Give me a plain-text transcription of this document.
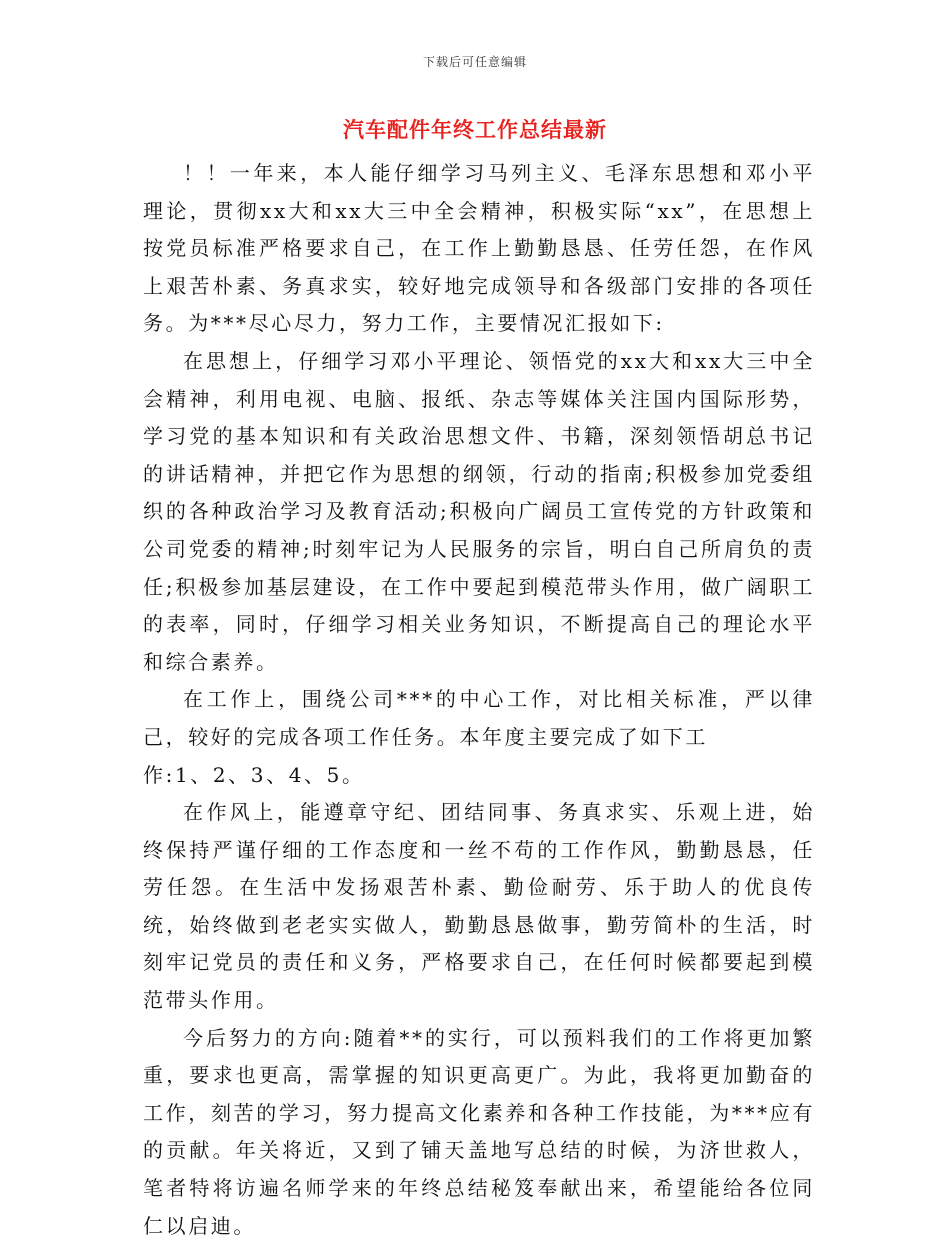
下载后可任意编辑
汽车配件年终工作总结最新

！！一年来，本人能仔细学习马列主义、毛泽东思想和邓小平理论，贯彻xx大和xx大三中全会精神，积极实际“xx”，在思想上按党员标准严格要求自己，在工作上勤勤恳恳、任劳任怨，在作风上艰苦朴素、务真求实，较好地完成领导和各级部门安排的各项任务。为***尽心尽力，努力工作，主要情况汇报如下:

在思想上，仔细学习邓小平理论、领悟党的xx大和xx大三中全会精神，利用电视、电脑、报纸、杂志等媒体关注国内国际形势，学习党的基本知识和有关政治思想文件、书籍，深刻领悟胡总书记的讲话精神，并把它作为思想的纲领，行动的指南;积极参加党委组织的各种政治学习及教育活动;积极向广阔员工宣传党的方针政策和公司党委的精神;时刻牢记为人民服务的宗旨，明白自己所肩负的责任;积极参加基层建设，在工作中要起到模范带头作用，做广阔职工的表率，同时，仔细学习相关业务知识，不断提高自己的理论水平和综合素养。

在工作上，围绕公司***的中心工作，对比相关标准，严以律己，较好的完成各项工作任务。本年度主要完成了如下工

作:1、2、3、4、5。

在作风上，能遵章守纪、团结同事、务真求实、乐观上进，始终保持严谨仔细的工作态度和一丝不苟的工作作风，勤勤恳恳，任劳任怨。在生活中发扬艰苦朴素、勤俭耐劳、乐于助人的优良传统，始终做到老老实实做人，勤勤恳恳做事，勤劳简朴的生活，时刻牢记党员的责任和义务，严格要求自己，在任何时候都要起到模范带头作用。

今后努力的方向:随着**的实行，可以预料我们的工作将更加繁重，要求也更高，需掌握的知识更高更广。为此，我将更加勤奋的工作，刻苦的学习，努力提高文化素养和各种工作技能，为***应有的贡献。年关将近，又到了铺天盖地写总结的时候，为济世救人，笔者特将访遍名师学来的年终总结秘笈奉献出来，希望能给各位同仁以启迪。
